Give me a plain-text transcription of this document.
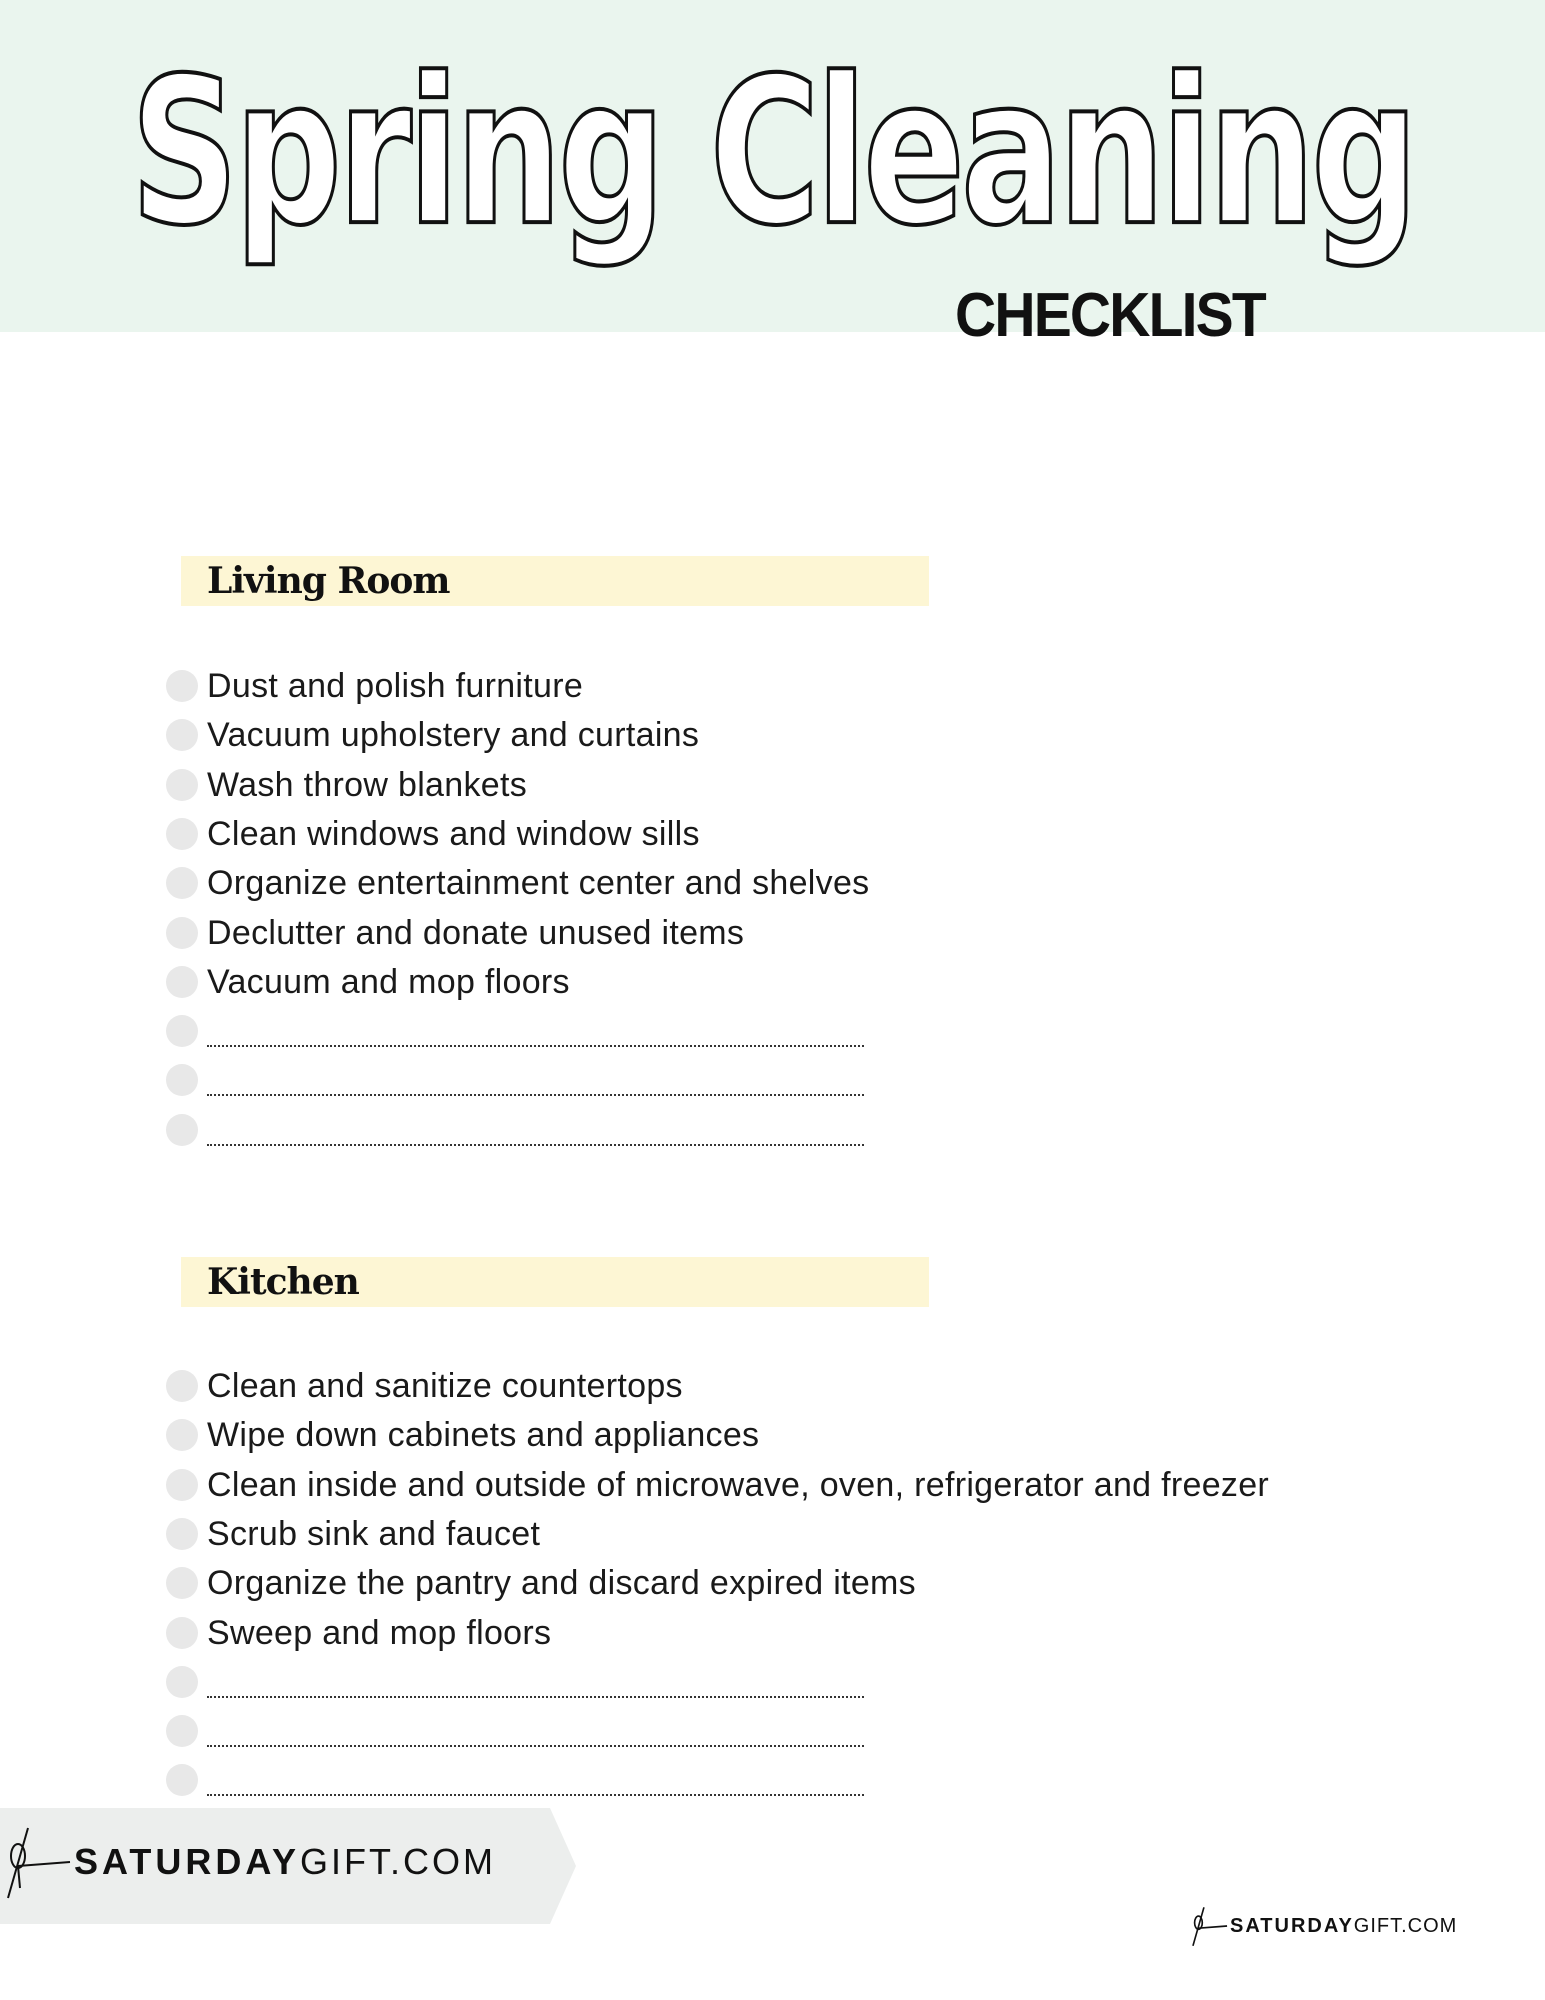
Spring Cleaning
CHECKLIST
Living Room
Dust and polish furniture
Vacuum upholstery and curtains
Wash throw blankets
Clean windows and window sills
Organize entertainment center and shelves
Declutter and donate unused items
Vacuum and mop floors
Kitchen
Clean and sanitize countertops
Wipe down cabinets and appliances
Clean inside and outside of microwave, oven, refrigerator and freezer
Scrub sink and faucet
Organize the pantry and discard expired items
Sweep and mop floors
SATURDAY GIFT.COM
SATURDAY GIFT.COM
